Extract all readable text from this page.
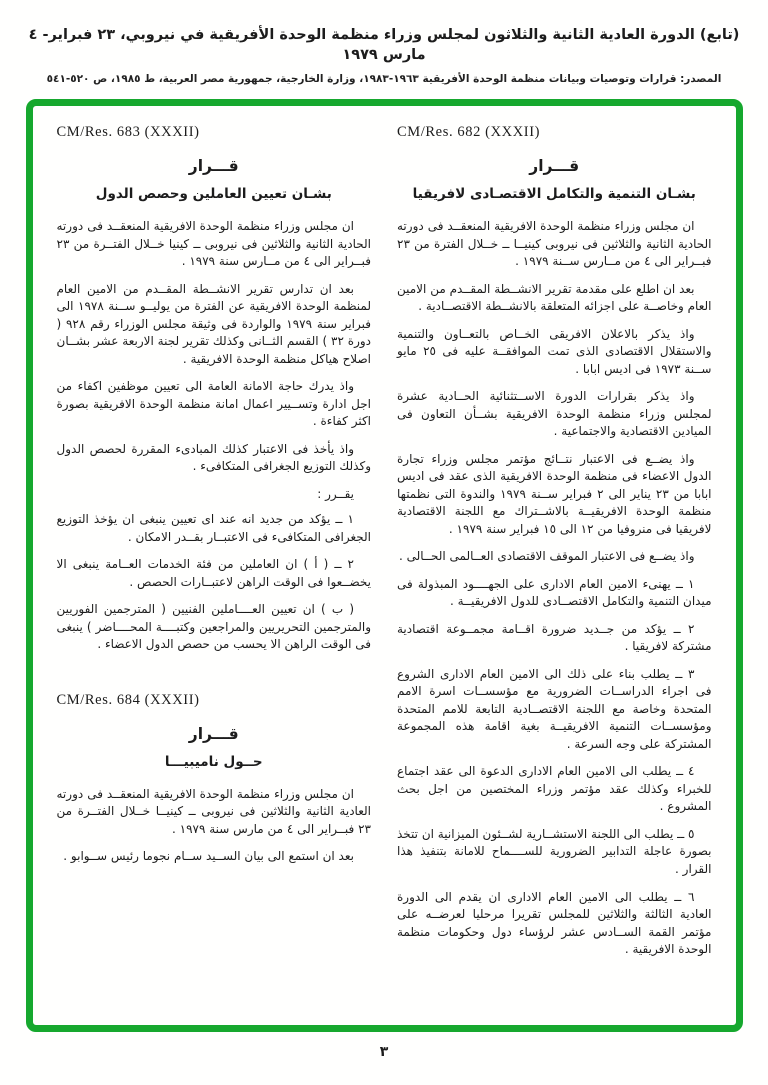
(تابع) الدورة العادية الثانية والثلاثون لمجلس وزراء منظمة الوحدة الأفريقية في نيروبي، ٢٣ فبراير- ٤ مارس ١٩٧٩
المصدر: قرارات وتوصيات وبيانات منظمة الوحدة الأفريقية ١٩٦٣-١٩٨٣، وزارة الخارجية، جمهورية مصر العربية، ط ١٩٨٥، ص ٥٢٠-٥٤١
CM/Res. 682 (XXXII)
قـــرار
بشـان التنمية والتكامل الاقتصـادى لافريقيا

ان مجلس وزراء منظمة الوحدة الافريقية المنعقــد فى دورته الحادية الثانية والثلاثين فى نيروبى كينيــا ــ خــلال الفترة من ٢٣ فبــراير الى ٤ من مــارس ســنة ١٩٧٩ .

بعد ان اطلع على مقدمة تقرير الانشــطة المقــدم من الامين العام وخاصــة على اجزائه المتعلقة بالانشــطة الاقتصــادية .

واذ يذكر بالاعلان الافريقى الخــاص بالتعــاون والتنمية والاستقلال الاقتصادى الذى تمت الموافقــة عليه فى ٢٥ مايو ســنة ١٩٧٣ فى اديس ابابا .

واذ يذكر بقرارات الدورة الاســتثنائية الحــادية عشرة لمجلس وزراء منظمة الوحدة الافريقية بشــأن التعاون فى الميادين الاقتصادية والاجتماعية .

واذ يضــع فى الاعتبار نتــائج مؤتمر مجلس وزراء تجارة الدول الاعضاء فى منظمة الوحدة الافريقية الذى عقد فى اديس ابابا من ٢٣ يناير الى ٢ فبراير ســنة ١٩٧٩ والندوة التى نظمتها منظمة الوحدة الافريقيــة بالاشــتراك مع اللجنة الاقتصادية لافريقيا فى منروفيا من ١٢ الى ١٥ فبراير سنة ١٩٧٩ .

واذ يضــع فى الاعتبار الموقف الاقتصادى العــالمى الحــالى .

١ ــ يهنىء الامين العام الادارى على الجهــــود المبذولة فى ميدان التنمية والتكامل الاقتصــادى للدول الافريقيــة .

٢ ــ يؤكد من جــديد ضرورة اقــامة مجمــوعة اقتصادية مشتركة لافريقيا .

٣ ــ يطلب بناء على ذلك الى الامين العام الادارى الشروع فى اجراء الدراســات الضرورية مع مؤسســات اسرة الامم المتحدة وخاصة مع اللجنة الاقتصــادية التابعة للامم المتحدة ومؤسســات التنمية الافريقيــة بغية اقامة هذه المجموعة المشتركة على وجه السرعة .

٤ ــ يطلب الى الامين العام الادارى الدعوة الى عقد اجتماع للخبراء وكذلك عقد مؤتمر وزراء المختصين من اجل بحث المشروع .

٥ ــ يطلب الى اللجنة الاستشــارية لشــئون الميزانية ان تتخذ بصورة عاجلة التدابير الضرورية للســــماح للامانة بتنفيذ هذا القرار .

٦ ــ يطلب الى الامين العام الادارى ان يقدم الى الدورة العادية الثالثة والثلاثين للمجلس تقريرا مرحليا لعرضــه على مؤتمر القمة الســادس عشر لرؤساء دول وحكومات منظمة الوحدة الافريقية .

CM/Res. 683 (XXXII)
قـــرار
بشـان تعيين العاملين وحصص الدول

ان مجلس وزراء منظمة الوحدة الافريقية المنعقــد فى دورته الحادية الثانية والثلاثين فى نيروبى ــ كينيا خــلال الفتــرة من ٢٣ فبــراير الى ٤ من مــارس سنة ١٩٧٩ .

بعد ان تدارس تقرير الانشــطة المقــدم من الامين العام لمنظمة الوحدة الافريقية عن الفترة من يوليــو ســنة ١٩٧٨ الى فبراير سنة ١٩٧٩ والواردة فى وثيقة مجلس الوزراء رقم ٩٢٨ ( دورة ٣٢ ) القسم الثــانى وكذلك تقرير لجنة الاربعة عشر بشــان اصلاح هياكل منظمة الوحدة الافريقية .

واذ يدرك حاجة الامانة العامة الى تعيين موظفين اكفاء من اجل ادارة وتســيير اعمال امانة منظمة الوحدة الافريقية بصورة اكثر كفاءة .

واذ يأخذ فى الاعتبار كذلك المبادىء المقررة لحصص الدول وكذلك التوزيع الجغرافى المتكافىء .

يقــرر :

١ ــ يؤكد من جديد انه عند اى تعيين ينبغى ان يؤخذ التوزيع الجغرافى المتكافىء فى الاعتبــار بقــدر الامكان .

٢ ــ ( أ ) ان العاملين من فئة الخدمات العــامة ينبغى الا يخضــعوا فى الوقت الراهن لاعتبــارات الحصص .

( ب ) ان تعيين العــــاملين الفنيين ( المترجمين الفوريين والمترجمين التحريريين والمراجعين وكتبــــة المحــــاضر ) ينبغى فى الوقت الراهن الا يحسب من حصص الدول الاعضاء .

CM/Res. 684 (XXXII)
قـــرار
حــول ناميبيـــا

ان مجلس وزراء منظمة الوحدة الافريقية المنعقــد فى دورته العادية الثانية والثلاثين فى نيروبى ــ كينيــا خــلال الفتــرة من ٢٣ فبــراير الى ٤ من مارس سنة ١٩٧٩ .

بعد ان استمع الى بيان الســيد ســام نجوما رئيس ســوابو .

٣
